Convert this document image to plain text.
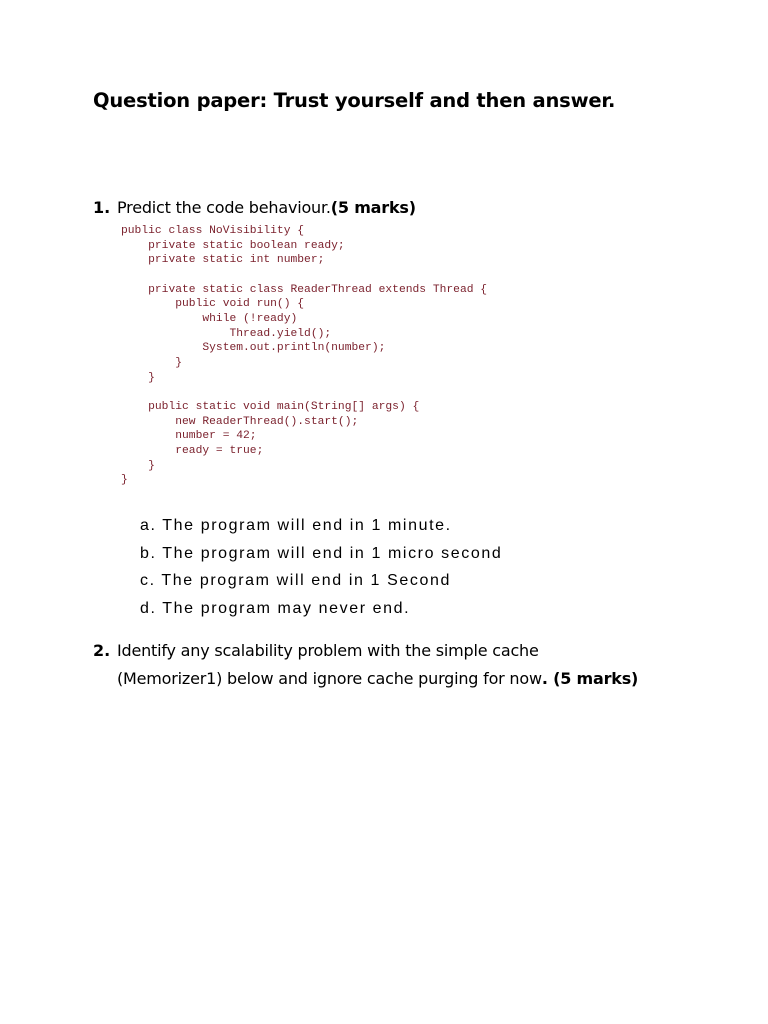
Question paper: Trust yourself and then answer.
1. Predict the code behaviour.(5 marks)
public class NoVisibility {
private static boolean ready;
private static int number;

private static class ReaderThread extends Thread {
public void run() {
while (!ready)
Thread.yield();
System.out.println(number);
}
}

public static void main(String[] args) {
new ReaderThread().start();
number = 42;
ready = true;
}
}
a. The program will end in 1 minute.
b. The program will end in 1 micro second
c. The program will end in 1 Second
d. The program may never end.
2. Identify any scalability problem with the simple cache
(Memorizer1) below and ignore cache purging for now. (5 marks)
